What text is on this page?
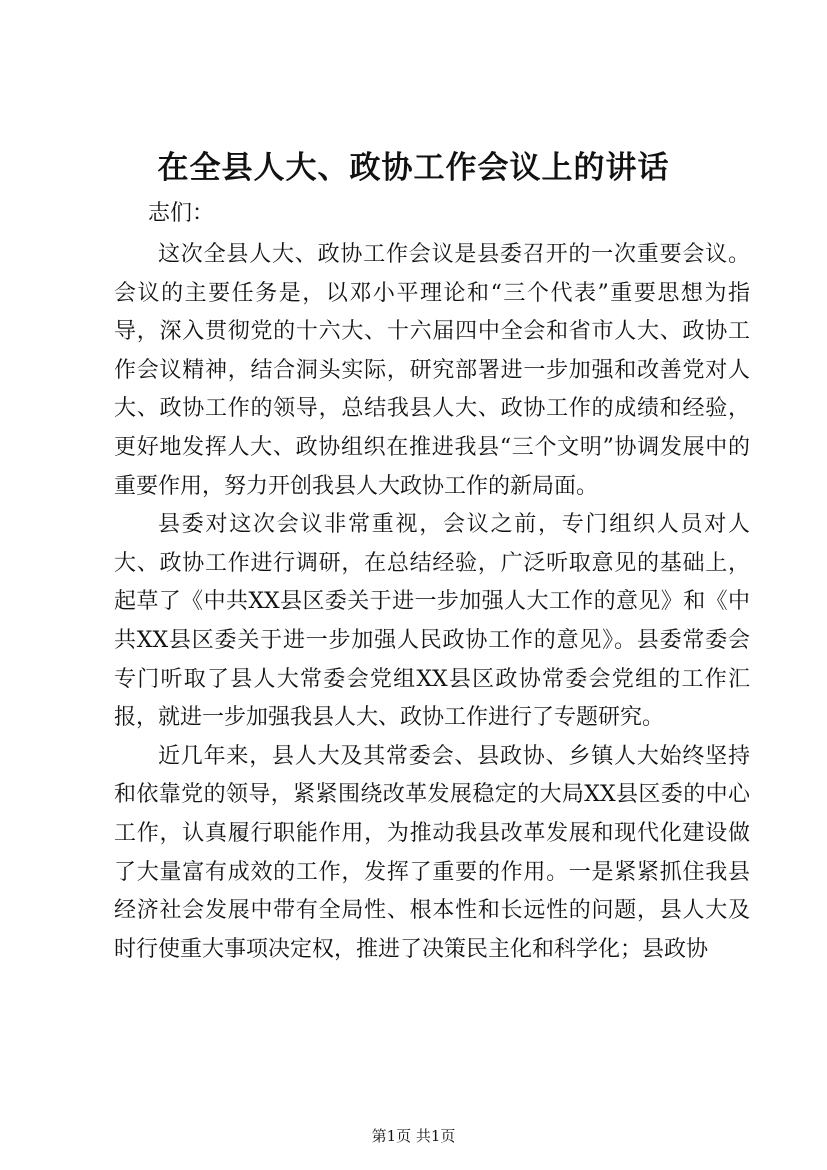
在全县人大、政协工作会议上的讲话

志们：

这次全县人大、政协工作会议是县委召开的一次重要会议。会议的主要任务是，以邓小平理论和“三个代表”重要思想为指导，深入贯彻党的十六大、十六届四中全会和省市人大、政协工作会议精神，结合洞头实际，研究部署进一步加强和改善党对人大、政协工作的领导，总结我县人大、政协工作的成绩和经验，更好地发挥人大、政协组织在推进我县“三个文明”协调发展中的重要作用，努力开创我县人大政协工作的新局面。

县委对这次会议非常重视，会议之前，专门组织人员对人大、政协工作进行调研，在总结经验，广泛听取意见的基础上，起草了《中共XX县区委关于进一步加强人大工作的意见》和《中共XX县区委关于进一步加强人民政协工作的意见》。县委常委会专门听取了县人大常委会党组XX县区政协常委会党组的工作汇报，就进一步加强我县人大、政协工作进行了专题研究。

近几年来，县人大及其常委会、县政协、乡镇人大始终坚持和依靠党的领导，紧紧围绕改革发展稳定的大局XX县区委的中心工作，认真履行职能作用，为推动我县改革发展和现代化建设做了大量富有成效的工作，发挥了重要的作用。一是紧紧抓住我县经济社会发展中带有全局性、根本性和长远性的问题，县人大及时行使重大事项决定权，推进了决策民主化和科学化；县政协

第1页 共1页
